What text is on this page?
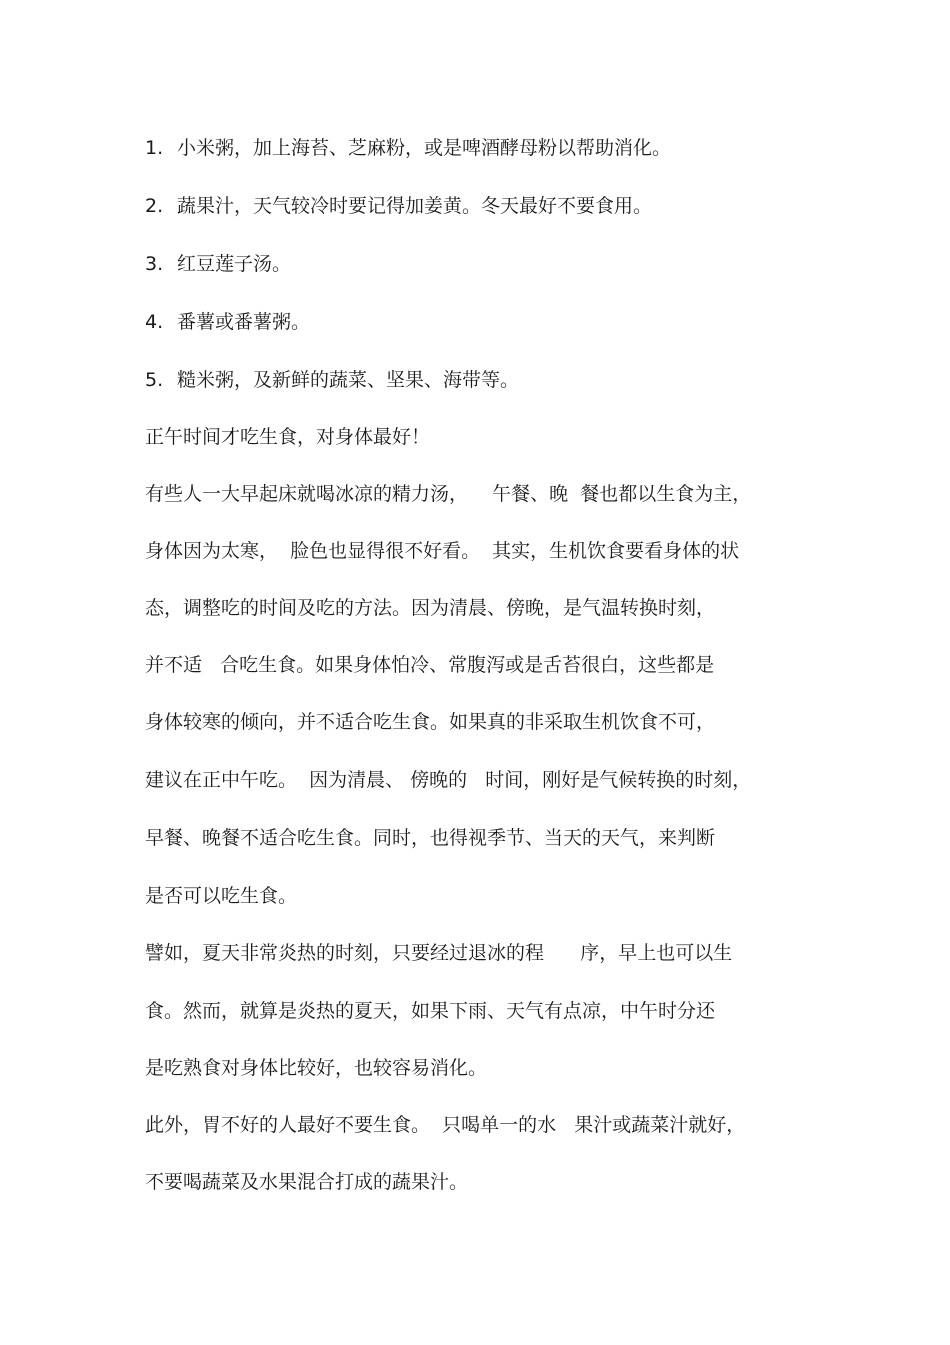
1. 小米粥，加上海苔、芝麻粉，或是啤酒酵母粉以帮助消化。
2. 蔬果汁，天气较冷时要记得加姜黄。冬天最好不要食用。
3. 红豆莲子汤。
4. 番薯或番薯粥。
5. 糙米粥，及新鲜的蔬菜、坚果、海带等。
正午时间才吃生食，对身体最好！
有些人一大早起床就喝冰凉的精力汤，    午餐、晚  餐也都以生食为主，
身体因为太寒，  脸色也显得很不好看。  其实，生机饮食要看身体的状
态，调整吃的时间及吃的方法。因为清晨、傍晚，是气温转换时刻，
并不适   合吃生食。如果身体怕冷、常腹泻或是舌苔很白，这些都是
身体较寒的倾向，并不适合吃生食。如果真的非采取生机饮食不可，
建议在正中午吃。  因为清晨、 傍晚的   时间，刚好是气候转换的时刻，
早餐、晚餐不适合吃生食。同时，也得视季节、当天的天气，来判断
是否可以吃生食。
譬如，夏天非常炎热的时刻，只要经过退冰的程      序，早上也可以生
食。然而，就算是炎热的夏天，如果下雨、天气有点凉，中午时分还
是吃熟食对身体比较好，也较容易消化。
此外，胃不好的人最好不要生食。  只喝单一的水   果汁或蔬菜汁就好，
不要喝蔬菜及水果混合打成的蔬果汁。
